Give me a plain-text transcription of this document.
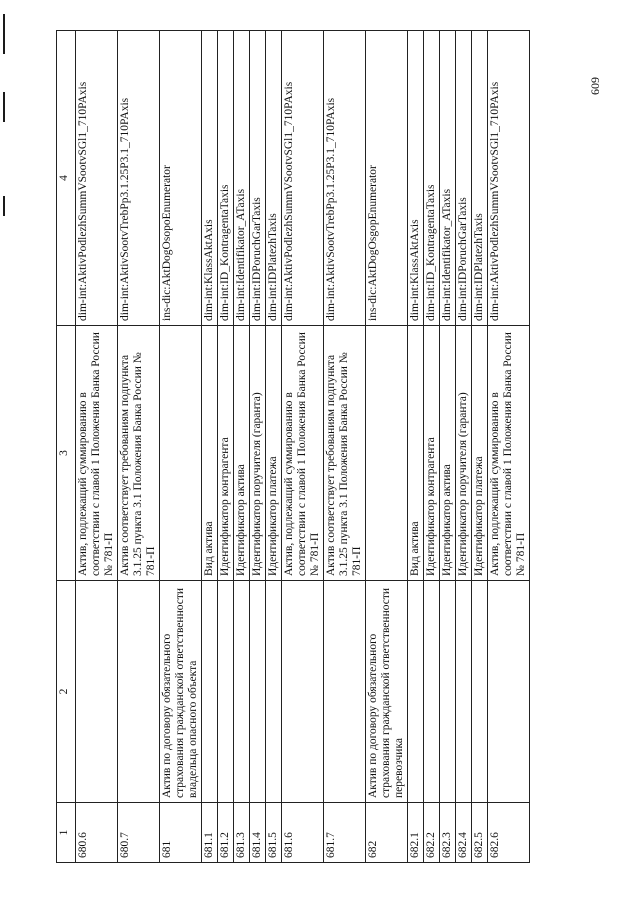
1	2	3	4
680.6		Актив, подлежащий суммированию в соответствии с главой 1 Положения Банка России № 781-П	dim-int:AktivPodlezhSummVSootvSGl1_710PAxis
680.7		Актив соответствует требованиям подпункта 3.1.25 пункта 3.1 Положения Банка России № 781-П	dim-int:AktivSootvTrebPp3.1.25P3.1_710PAxis
681	Актив по договору обязательного страхования гражданской ответственности владельца опасного объекта		ins-dic:AktDogOsopoEnumerator
681.1		Вид актива	dim-int:KlassAktAxis
681.2		Идентификатор контрагента	dim-int:ID_KontragentaTaxis
681.3		Идентификатор актива	dim-int:Identifikator_ATaxis
681.4		Идентификатор поручителя (гаранта)	dim-int:IDPoruchGarTaxis
681.5		Идентификатор платежа	dim-int:IDPlatezhTaxis
681.6		Актив, подлежащий суммированию в соответствии с главой 1 Положения Банка России № 781-П	dim-int:AktivPodlezhSummVSootvSGl1_710PAxis
681.7		Актив соответствует требованиям подпункта 3.1.25 пункта 3.1 Положения Банка России № 781-П	dim-int:AktivSootvTrebPp3.1.25P3.1_710PAxis
682	Актив по договору обязательного страхования гражданской ответственности перевозчика		ins-dic:AktDogOsgopEnumerator
682.1		Вид актива	dim-int:KlassAktAxis
682.2		Идентификатор контрагента	dim-int:ID_KontragentaTaxis
682.3		Идентификатор актива	dim-int:Identifikator_ATaxis
682.4		Идентификатор поручителя (гаранта)	dim-int:IDPoruchGarTaxis
682.5		Идентификатор платежа	dim-int:IDPlatezhTaxis
682.6		Актив, подлежащий суммированию в соответствии с главой 1 Положения Банка России № 781-П	dim-int:AktivPodlezhSummVSootvSGl1_710PAxis	609
